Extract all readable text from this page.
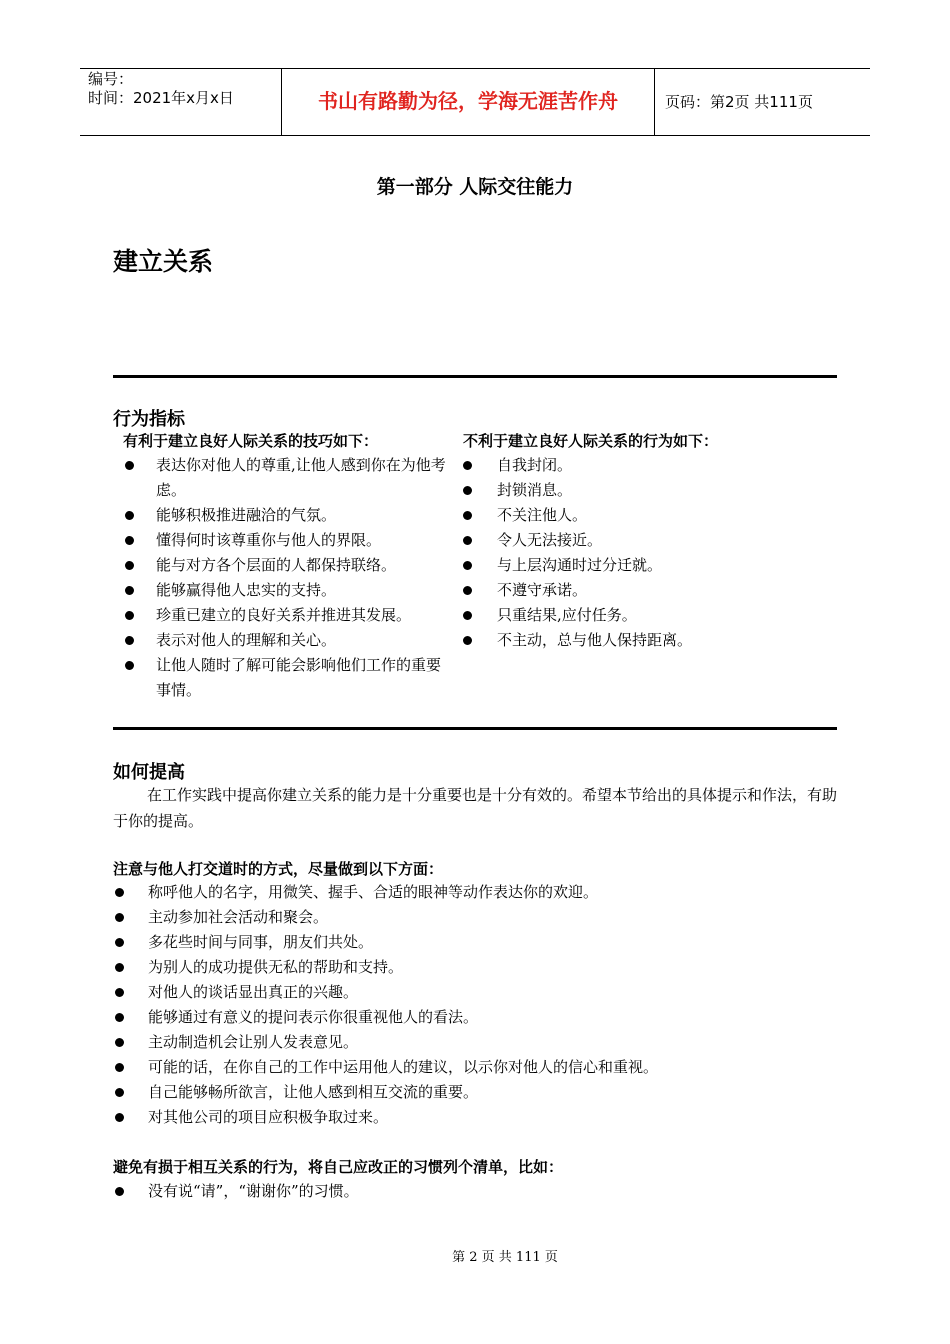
编号：
时间：2021年x月x日	书山有路勤为径，学海无涯苦作舟	页码：第2页 共111页
第一部分 人际交往能力
建立关系
行为指标
有利于建立良好人际关系的技巧如下：	不利于建立良好人际关系的行为如下：
表达你对他人的尊重,让他人感到你在为他考虑。
能够积极推进融洽的气氛。
懂得何时该尊重你与他人的界限。
能与对方各个层面的人都保持联络。
能够赢得他人忠实的支持。
珍重已建立的良好关系并推进其发展。
表示对他人的理解和关心。
让他人随时了解可能会影响他们工作的重要事情。
自我封闭。
封锁消息。
不关注他人。
令人无法接近。
与上层沟通时过分迁就。
不遵守承诺。
只重结果,应付任务。
不主动，总与他人保持距离。
如何提高
在工作实践中提高你建立关系的能力是十分重要也是十分有效的。希望本节给出的具体提示和作法，有助于你的提高。
注意与他人打交道时的方式，尽量做到以下方面：
称呼他人的名字，用微笑、握手、合适的眼神等动作表达你的欢迎。
主动参加社会活动和聚会。
多花些时间与同事，朋友们共处。
为别人的成功提供无私的帮助和支持。
对他人的谈话显出真正的兴趣。
能够通过有意义的提问表示你很重视他人的看法。
主动制造机会让别人发表意见。
可能的话，在你自己的工作中运用他人的建议，以示你对他人的信心和重视。
自己能够畅所欲言，让他人感到相互交流的重要。
对其他公司的项目应积极争取过来。
避免有损于相互关系的行为，将自己应改正的习惯列个清单，比如：
没有说“请”，“谢谢你”的习惯。
第 2 页 共 111 页
